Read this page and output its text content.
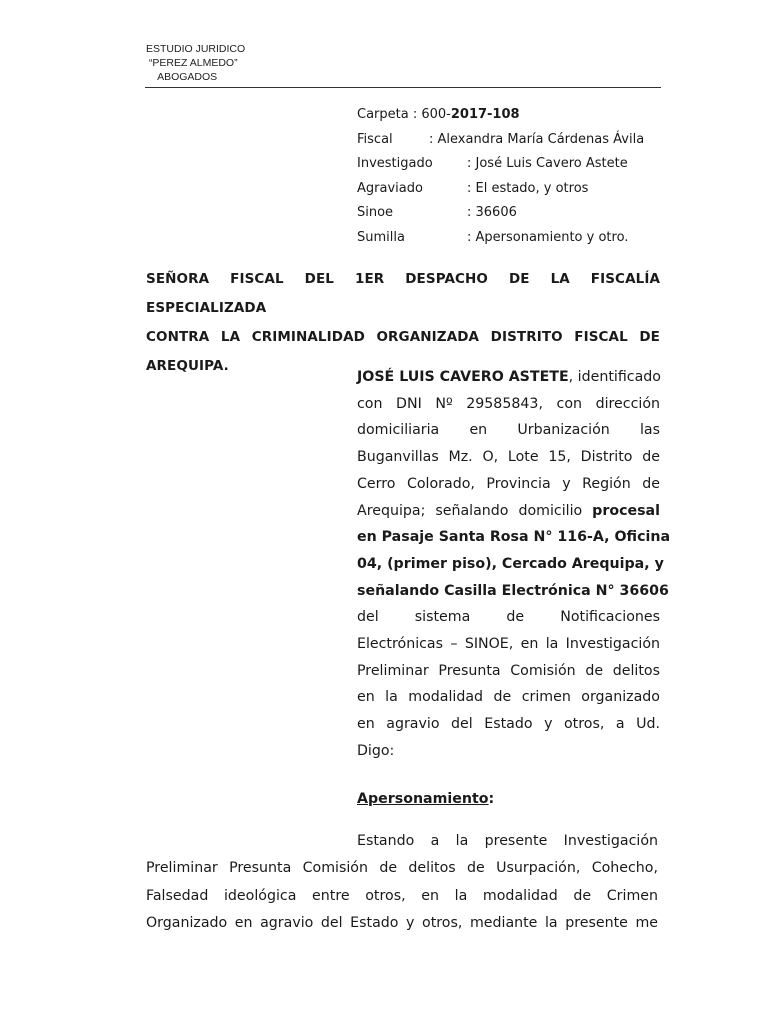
ESTUDIO JURIDICO
“PEREZ ALMEDO”
ABOGADOS
Carpeta : 600- 2017-108
Fiscal	: Alexandra María Cárdenas Ávila
Investigado	: José Luis Cavero Astete
Agraviado	: El estado, y otros
Sinoe	: 36606
Sumilla	: Apersonamiento y otro.
SEÑORA FISCAL DEL 1ER DESPACHO DE LA FISCALÍA ESPECIALIZADA
CONTRA LA CRIMINALIDAD ORGANIZADA DISTRITO FISCAL DE
AREQUIPA.
JOSÉ LUIS CAVERO ASTETE, identificado
con DNI Nº 29585843, con dirección
domiciliaria en Urbanización las
Buganvillas Mz. O, Lote 15, Distrito de
Cerro Colorado, Provincia y Región de
Arequipa; señalando domicilio procesal
en Pasaje Santa Rosa N° 116-A, Oficina
04, (primer piso), Cercado Arequipa, y
señalando Casilla Electrónica N° 36606
del sistema de Notificaciones
Electrónicas – SINOE, en la Investigación
Preliminar Presunta Comisión de delitos
en la modalidad de crimen organizado
en agravio del Estado y otros, a Ud.
Digo:
Apersonamiento:
Estando a la presente Investigación
Preliminar Presunta Comisión de delitos de Usurpación, Cohecho,
Falsedad ideológica entre otros, en la modalidad de Crimen
Organizado en agravio del Estado y otros, mediante la presente me
